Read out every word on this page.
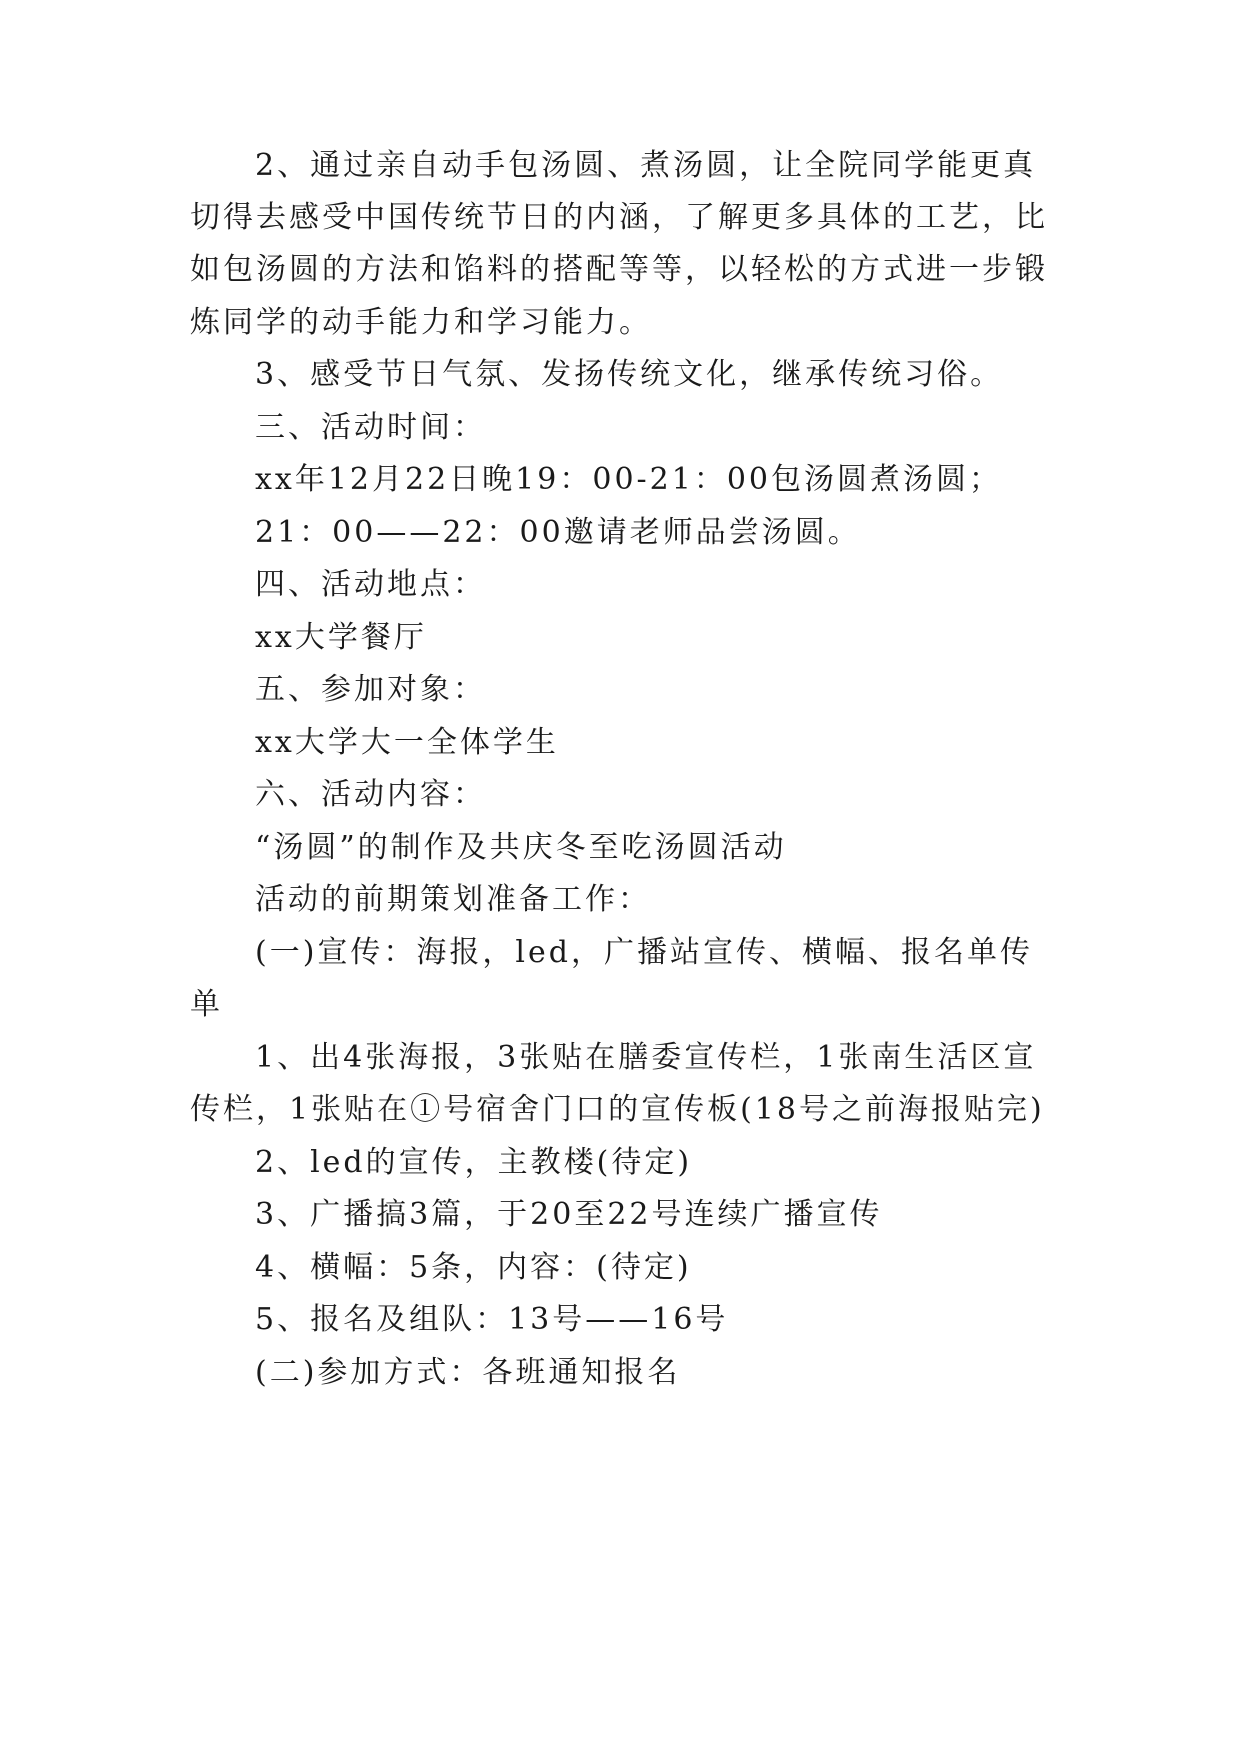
2、通过亲自动手包汤圆、煮汤圆，让全院同学能更真
切得去感受中国传统节日的内涵，了解更多具体的工艺，比
如包汤圆的方法和馅料的搭配等等，以轻松的方式进一步锻
炼同学的动手能力和学习能力。
3、感受节日气氛、发扬传统文化，继承传统习俗。
三、活动时间：
xx年12月22日晚19：00-21：00包汤圆煮汤圆；
21：00——22：00邀请老师品尝汤圆。
四、活动地点：
xx大学餐厅
五、参加对象：
xx大学大一全体学生
六、活动内容：
“汤圆”的制作及共庆冬至吃汤圆活动
活动的前期策划准备工作：
(一)宣传：海报，led，广播站宣传、横幅、报名单传
单
1、出4张海报，3张贴在膳委宣传栏，1张南生活区宣
传栏，1张贴在①号宿舍门口的宣传板(18号之前海报贴完)
2、led的宣传，主教楼(待定)
3、广播搞3篇，于20至22号连续广播宣传
4、横幅：5条，内容：(待定)
5、报名及组队：13号——16号
(二)参加方式：各班通知报名
